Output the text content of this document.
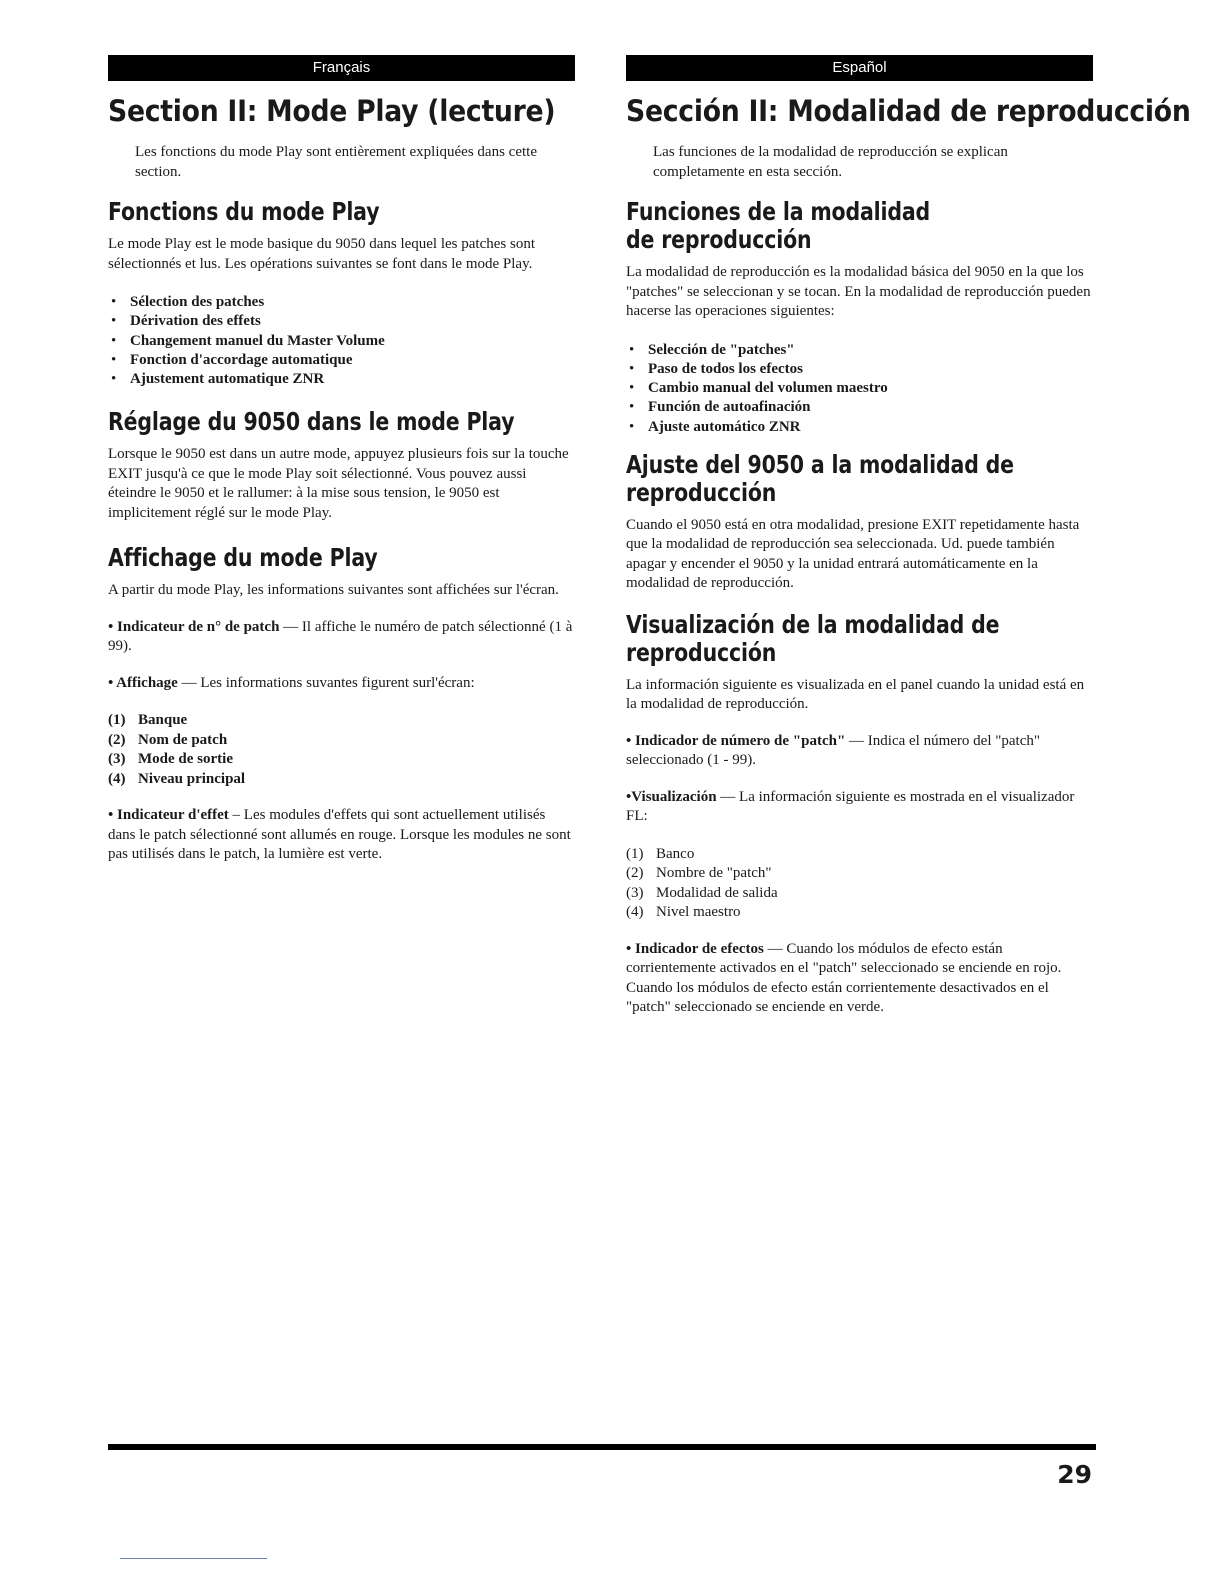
Français
Section II: Mode Play (lecture)
Les fonctions du mode Play sont entièrement expliquées dans cette section.
Fonctions du mode Play
Le mode Play est le mode basique du 9050 dans lequel les patches sont sélectionnés et lus. Les opérations suivantes se font dans le mode Play.
• Sélection des patches
• Dérivation des effets
• Changement manuel du Master Volume
• Fonction d'accordage automatique
• Ajustement automatique ZNR
Réglage du 9050 dans le mode Play
Lorsque le 9050 est dans un autre mode, appuyez plusieurs fois sur la touche EXIT jusqu'à ce que le mode Play soit sélectionné. Vous pouvez aussi éteindre le 9050 et le rallumer: à la mise sous tension, le 9050 est implicitement réglé sur le mode Play.
Affichage du mode Play
A partir du mode Play, les informations suivantes sont affichées sur l'écran.
• Indicateur de n° de patch — Il affiche le numéro de patch sélectionné (1 à 99).
• Affichage — Les informations suvantes figurent surl'écran:
(1) Banque
(2) Nom de patch
(3) Mode de sortie
(4) Niveau principal
• Indicateur d'effet – Les modules d'effets qui sont actuellement utilisés dans le patch sélectionné sont allumés en rouge. Lorsque les modules ne sont pas utilisés dans le patch, la lumière est verte.
Español
Sección II: Modalidad de reproducción
Las funciones de la modalidad de reproducción se explican completamente en esta sección.
Funciones de la modalidad de reproducción
La modalidad de reproducción es la modalidad básica del 9050 en la que los "patches" se seleccionan y se tocan. En la modalidad de reproducción pueden hacerse las operaciones siguientes:
• Selección de "patches"
• Paso de todos los efectos
• Cambio manual del volumen maestro
• Función de autoafinación
• Ajuste automático ZNR
Ajuste del 9050 a la modalidad de reproducción
Cuando el 9050 está en otra modalidad, presione EXIT repetidamente hasta que la modalidad de reproducción sea seleccionada. Ud. puede también apagar y encender el 9050 y la unidad entrará automáticamente en la modalidad de reproducción.
Visualización de la modalidad de reproducción
La información siguiente es visualizada en el panel cuando la unidad está en la modalidad de reproducción.
• Indicador de número de "patch" — Indica el número del "patch" seleccionado (1 - 99).
•Visualización — La información siguiente es mostrada en el visualizador FL:
(1) Banco
(2) Nombre de "patch"
(3) Modalidad de salida
(4) Nivel maestro
• Indicador de efectos — Cuando los módulos de efecto están corrientemente activados en el "patch" seleccionado se enciende en rojo. Cuando los módulos de efecto están corrientemente desactivados en el "patch" seleccionado se enciende en verde.
29
